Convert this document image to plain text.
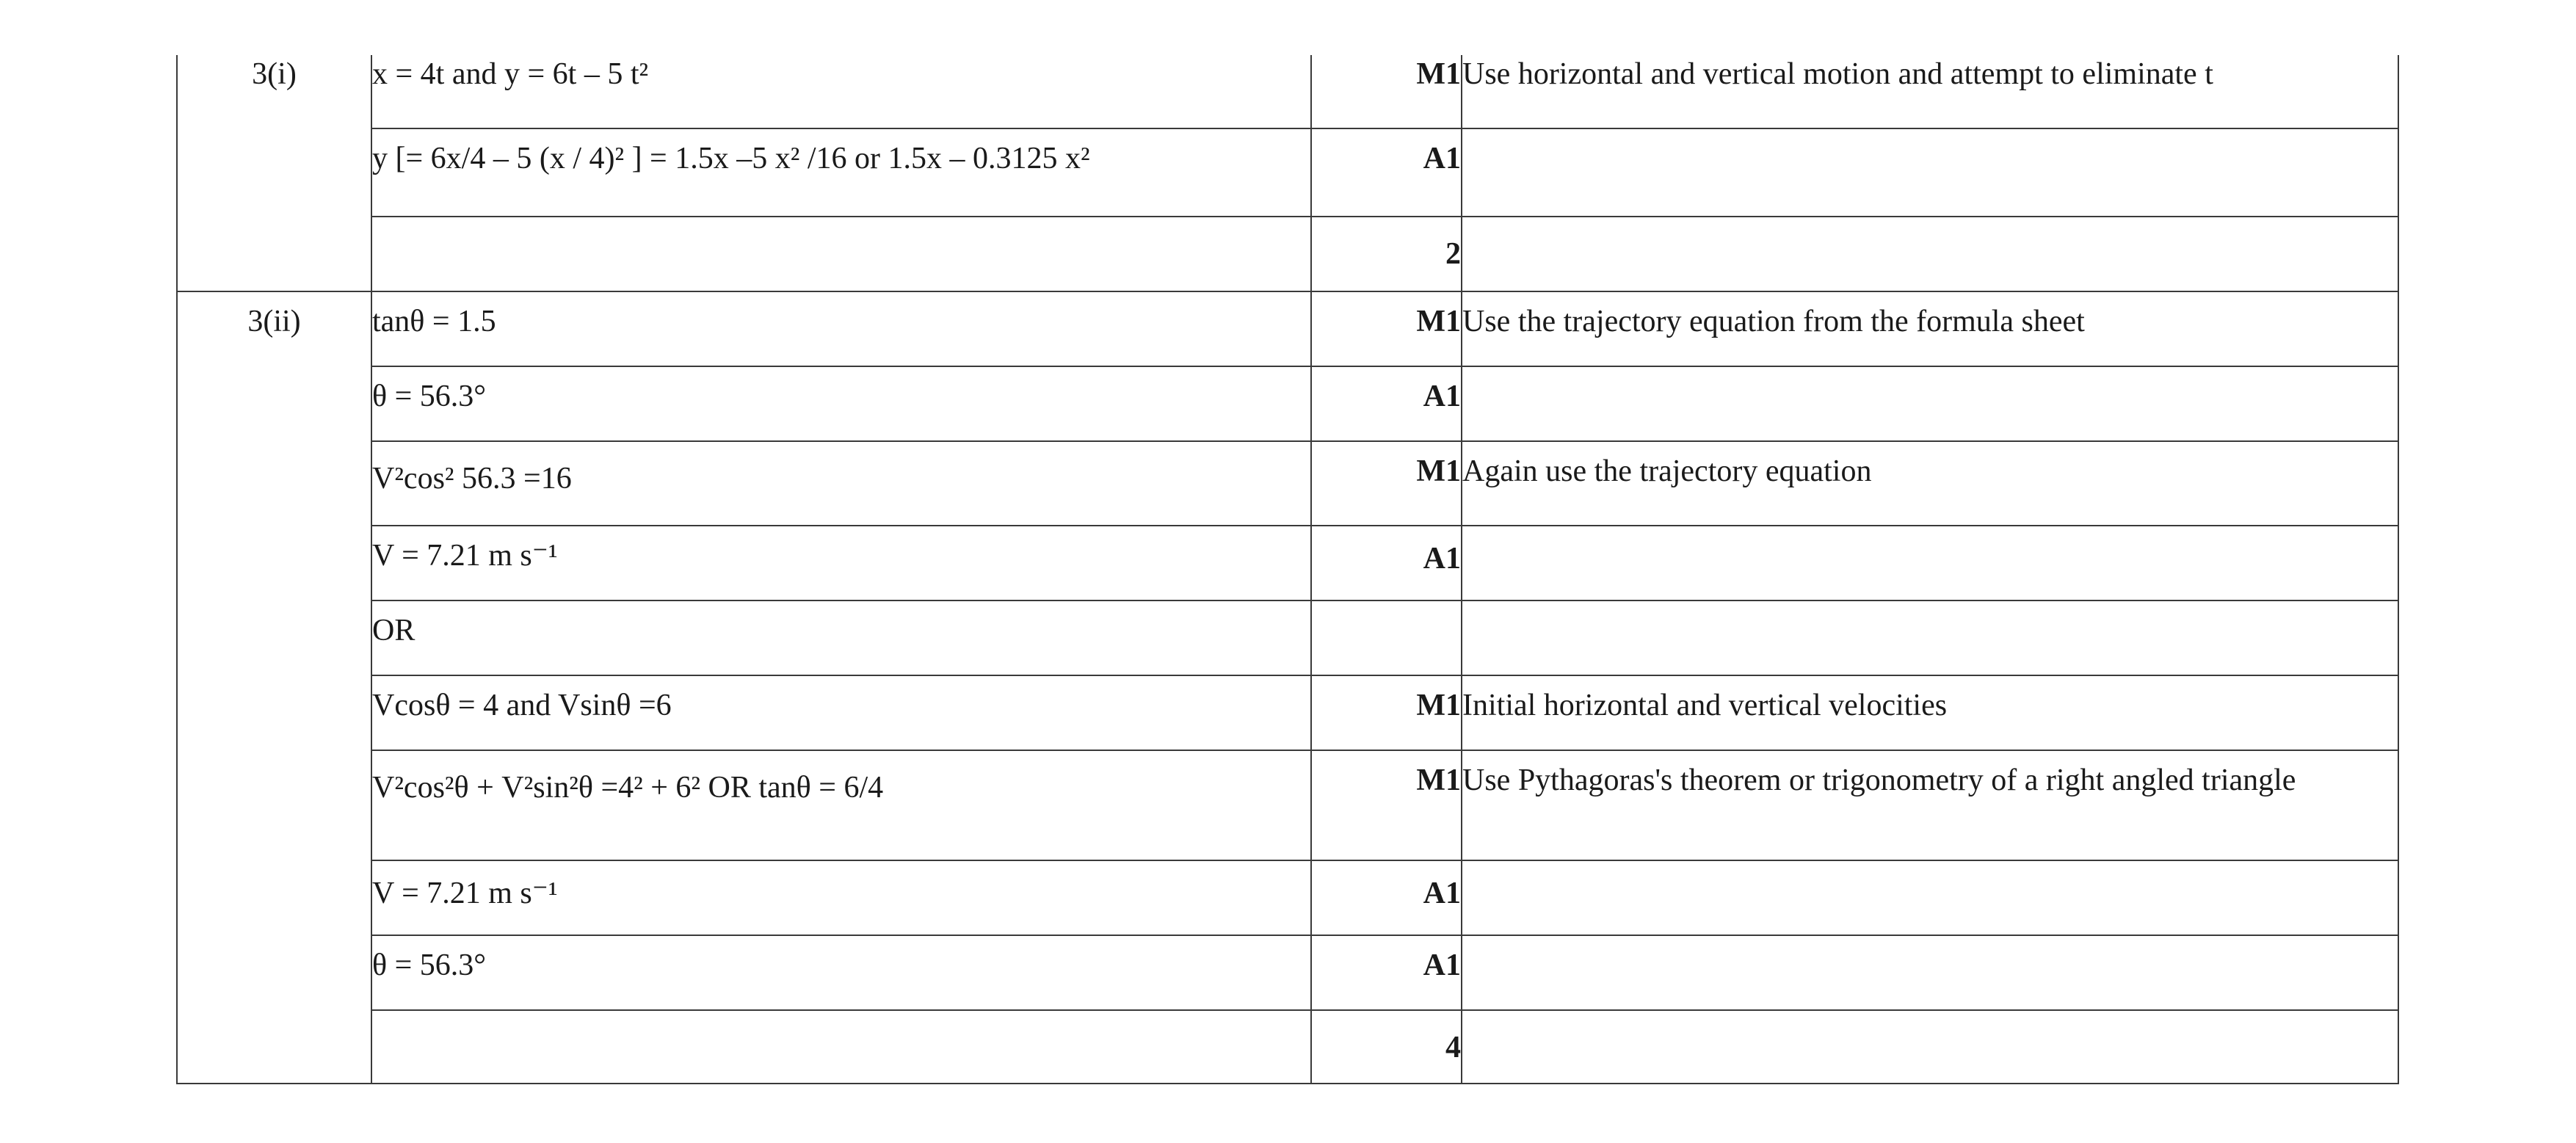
3(i)	x = 4t and y = 6t – 5 t²	M1	Use horizontal and vertical motion and attempt to eliminate t
	y [= 6x/4 – 5 (x / 4)² ] = 1.5x –5 x² /16 or 1.5x – 0.3125 x²	A1	
		2	
3(ii)	tanθ = 1.5	M1	Use the trajectory equation from the formula sheet
	θ = 56.3°	A1	
	V²cos² 56.3 =16	M1	Again use the trajectory equation
	V = 7.21 m s⁻¹	A1	
	OR		
	Vcosθ = 4 and Vsinθ =6	M1	Initial horizontal and vertical velocities
	V²cos²θ + V²sin²θ =4² + 6² OR tanθ = 6/4	M1	Use Pythagoras's theorem or trigonometry of a right angled triangle
	V = 7.21 m s⁻¹	A1	
	θ = 56.3°	A1	
		4	
